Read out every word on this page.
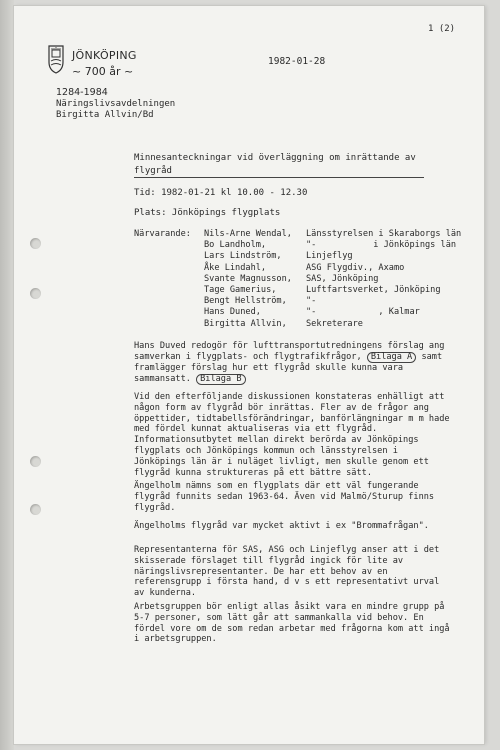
1 (2)
JÖNKÖPING
~ 700 år ~
1982-01-28
1284-1984
Näringslivsavdelningen
Birgitta Allvin/Bd
Minnesanteckningar vid överläggning om inrättande av flygråd
Tid: 1982-01-21 kl 10.00 - 12.30
Plats: Jönköpings flygplats
Närvarande: Nils-Arne Wendal, Länsstyrelsen i Skaraborgs län
Bo Landholm,	"-           i Jönköpings län
Lars Lindström,	Linjeflyg
Åke Lindahl,	ASG Flygdiv., Axamo
Svante Magnusson, SAS, Jönköping
Tage Gamerius,	Luftfartsverket, Jönköping
Bengt Hellström, "-
Hans Duned,	"-            , Kalmar
Birgitta Allvin, Sekreterare

Hans Duved redogör för lufttransportutredningens förslag ang samverkan i flygplats- och flygtrafikfrågor, Bilaga A samt framlägger förslag hur ett flygråd skulle kunna vara sammansatt. Bilaga B

Vid den efterföljande diskussionen konstateras enhälligt att någon form av flygråd bör inrättas. Fler av de frågor ang öppettider, tidtabellsförändringar, banförlängningar m m hade med fördel kunnat aktualiseras via ett flygråd. Informationsutbytet mellan direkt berörda av Jönköpings flygplats och Jönköpings kommun och länsstyrelsen i Jönköpings län är i nuläget livligt, men skulle genom ett flygråd kunna struktureras på ett bättre sätt.

Ängelholm nämns som en flygplats där ett väl fungerande flygråd funnits sedan 1963-64. Även vid Malmö/Sturup finns flygråd.

Ängelholms flygråd var mycket aktivt i ex "Brommafrågan".

Representanterna för SAS, ASG och Linjeflyg anser att i det skisserade förslaget till flygråd ingick för lite av näringslivsrepresentanter. De har ett behov av en referensgrupp i första hand, d v s ett representativt urval av kunderna.

Arbetsgruppen bör enligt allas åsikt vara en mindre grupp på 5-7 personer, som lätt går att sammankalla vid behov. En fördel vore om de som redan arbetar med frågorna kom att ingå i arbetsgruppen.
